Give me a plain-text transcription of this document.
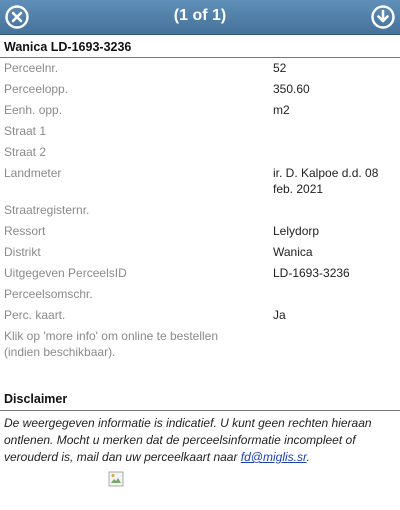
(1 of 1)
Wanica LD-1693-3236
Perceelnr.	52

Perceelopp.	350.60

Eenh. opp.	m2

Straat 1	

Straat 2	

Landmeter	ir. D. Kalpoe d.d. 08 feb. 2021

Straatregisternr.	

Ressort	Lelydorp

Distrikt	Wanica

Uitgegeven PerceelsID	LD-1693-3236

Perceelsomschr.	

Perc. kaart.	Ja

Klik op 'more info' om online te bestellen (indien beschikbaar).	
Disclaimer
De weergegeven informatie is indicatief. U kunt geen rechten hieraan ontlenen. Mocht u merken dat de perceelsinformatie incompleet of verouderd is, mail dan uw perceelkaart naar fd@miglis.sr.
